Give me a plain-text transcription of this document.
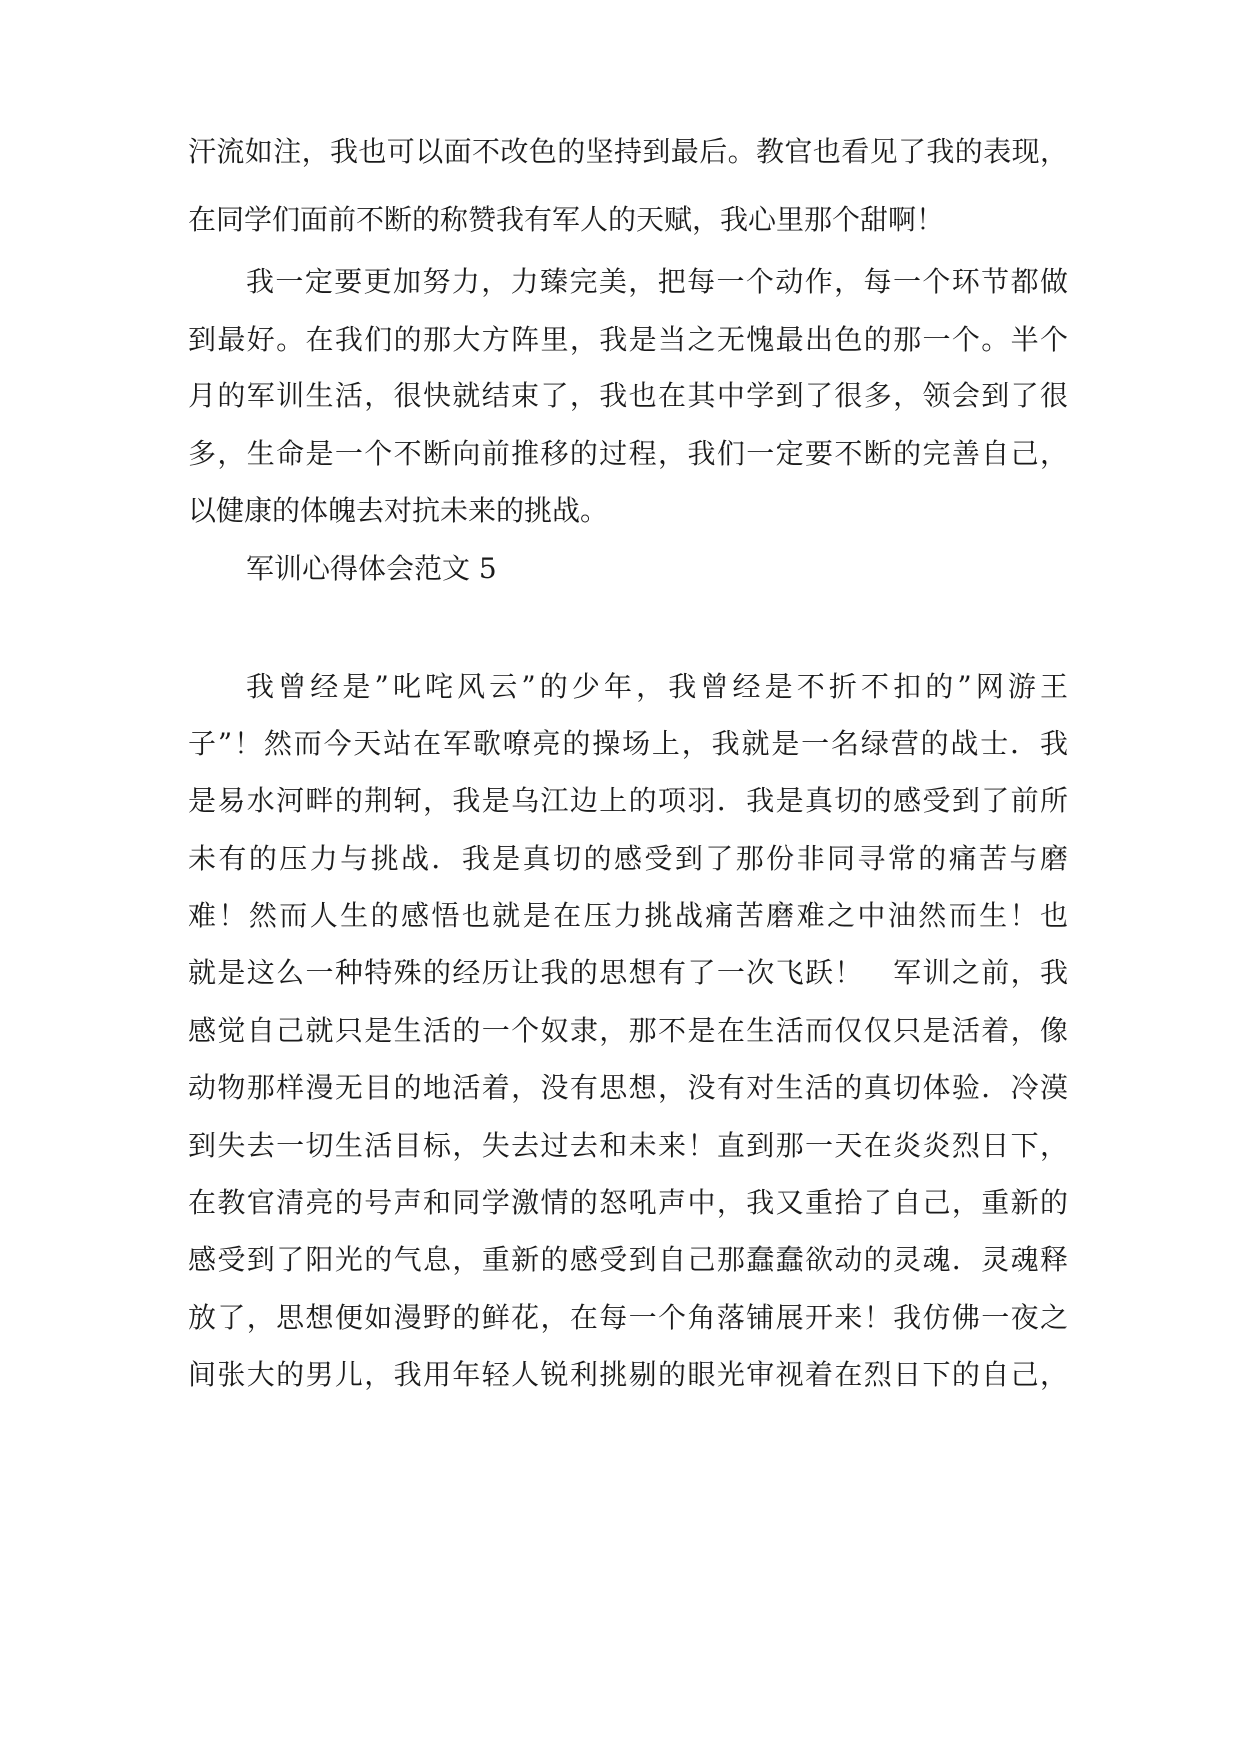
汗流如注，我也可以面不改色的坚持到最后。教官也看见了我的表现，
在同学们面前不断的称赞我有军人的天赋，我心里那个甜啊！
我一定要更加努力，力臻完美，把每一个动作，每一个环节都做
到最好。在我们的那大方阵里，我是当之无愧最出色的那一个。半个
月的军训生活，很快就结束了，我也在其中学到了很多，领会到了很
多，生命是一个不断向前推移的过程，我们一定要不断的完善自己，
以健康的体魄去对抗未来的挑战。
军训心得体会范文 5
我曾经是”叱咤风云”的少年，我曾经是不折不扣的”网游王
子”！然而今天站在军歌嘹亮的操场上，我就是一名绿营的战士．我
是易水河畔的荆轲，我是乌江边上的项羽．我是真切的感受到了前所
未有的压力与挑战．我是真切的感受到了那份非同寻常的痛苦与磨
难！然而人生的感悟也就是在压力挑战痛苦磨难之中油然而生！也
就是这么一种特殊的经历让我的思想有了一次飞跃！　军训之前，我
感觉自己就只是生活的一个奴隶，那不是在生活而仅仅只是活着，像
动物那样漫无目的地活着，没有思想，没有对生活的真切体验．冷漠
到失去一切生活目标，失去过去和未来！直到那一天在炎炎烈日下，
在教官清亮的号声和同学激情的怒吼声中，我又重拾了自己，重新的
感受到了阳光的气息，重新的感受到自己那蠢蠢欲动的灵魂．灵魂释
放了，思想便如漫野的鲜花，在每一个角落铺展开来！我仿佛一夜之
间张大的男儿，我用年轻人锐利挑剔的眼光审视着在烈日下的自己，
